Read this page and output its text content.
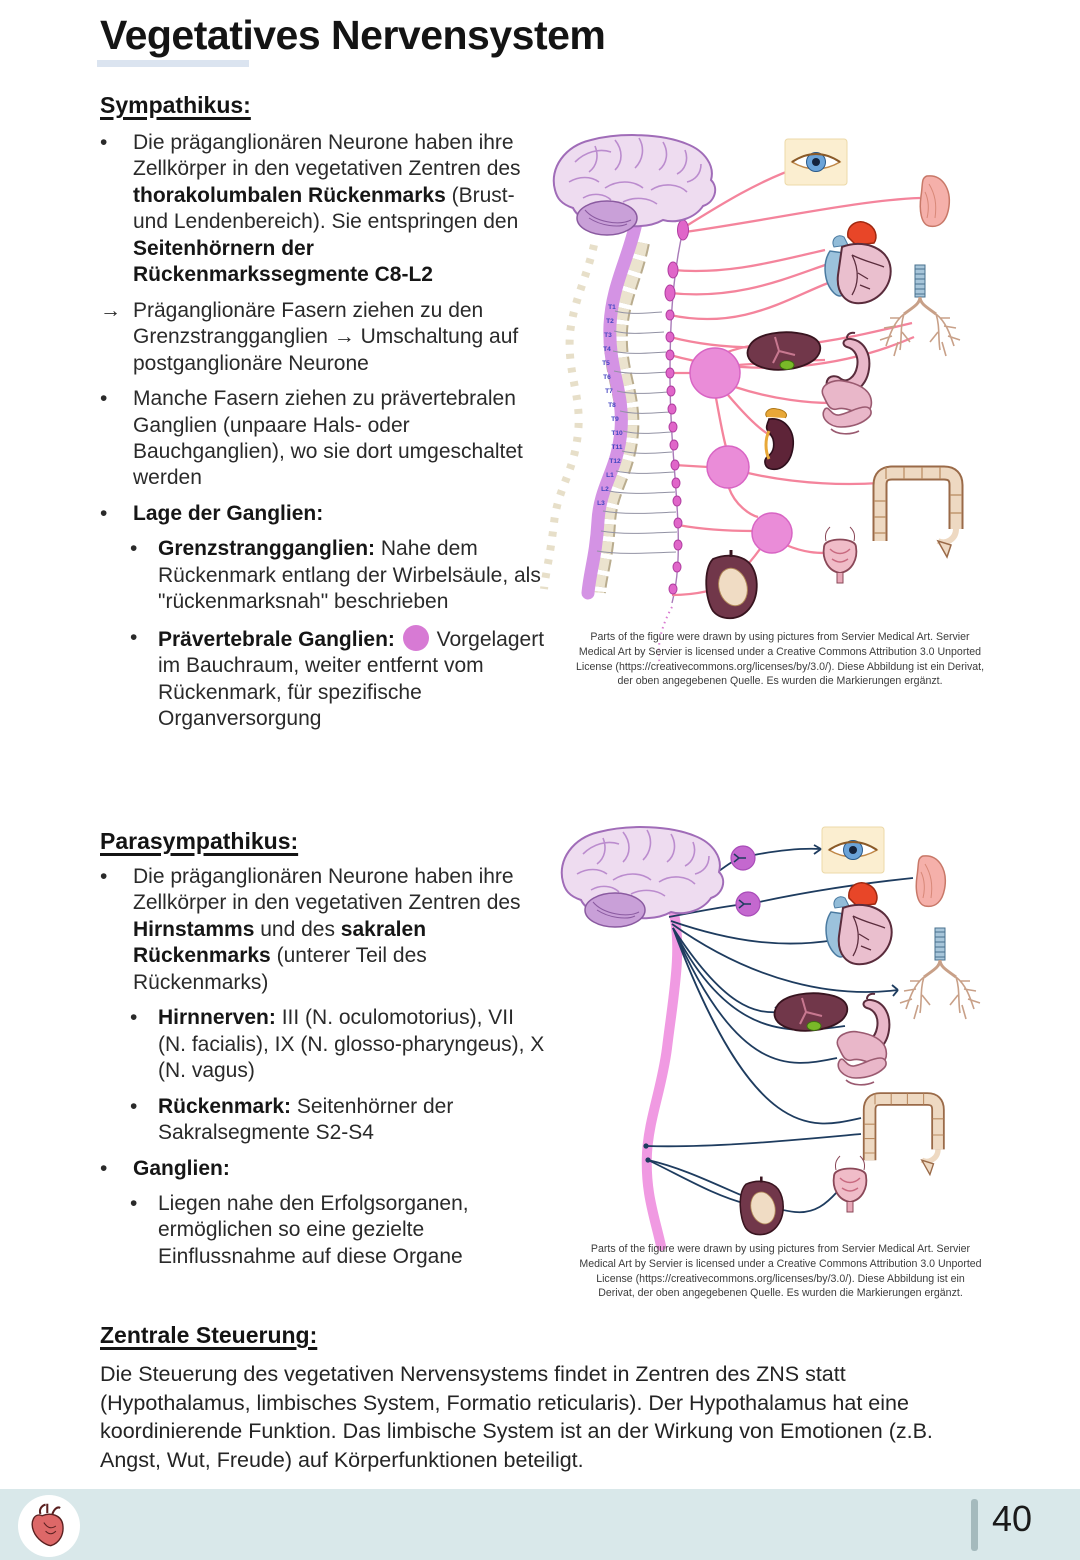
Vegetatives Nervensystem
Sympathikus:
•	Die präganglionären Neurone haben ihre Zellkörper in den vegetativen Zentren des thorakolumbalen Rückenmarks (Brust- und Lendenbereich). Sie entspringen den Seitenhörnern der Rückenmarkssegmente C8-L2
→ Präganglionäre Fasern ziehen zu den Grenzstrangganglien → Umschaltung auf postganglionäre Neurone
•	Manche Fasern ziehen zu prävertebralen Ganglien (unpaare Hals- oder Bauchganglien), wo sie dort umgeschaltet werden
•	Lage der Ganglien:
• Grenzstrangganglien: Nahe dem Rückenmark entlang der Wirbelsäule, als "rückenmarksnah" beschrieben
• Prävertebrale Ganglien:  Vorgelagert im Bauchraum, weiter entfernt vom Rückenmark, für spezifische Organversorgung
T1
T2
T3
T4
T5
T6
T7
T8
T9
T10
T11
T12
L1
L2
L3
Parts of the figure were drawn by using pictures from Servier Medical Art. Servier Medical Art by Servier is licensed under a Creative Commons Attribution 3.0 Unported License (https://creativecommons.org/licenses/by/3.0/). Diese Abbildung ist ein Derivat, der oben angegebenen Quelle. Es wurden die Markierungen ergänzt.
Parasympathikus:
•	Die präganglionären Neurone haben ihre Zellkörper in den vegetativen Zentren des Hirnstamms und des sakralen Rückenmarks (unterer Teil des Rückenmarks)
• Hirnnerven: III (N. oculomotorius), VII (N. facialis), IX (N. glosso-pharyngeus), X (N. vagus)
• Rückenmark: Seitenhörner der Sakralsegmente S2-S4
•	Ganglien:
• Liegen nahe den Erfolgsorganen, ermöglichen so eine gezielte Einflussnahme auf diese Organe	Parts of the figure were drawn by using pictures from Servier Medical Art. Servier Medical Art by Servier is licensed under a Creative Commons Attribution 3.0 Unported License (https://creativecommons.org/licenses/by/3.0/). Diese Abbildung ist ein Derivat, der oben angegebenen Quelle. Es wurden die Markierungen ergänzt.
Zentrale Steuerung:
Die Steuerung des vegetativen Nervensystems findet in Zentren des ZNS statt (Hypothalamus, limbisches System, Formatio reticularis). Der Hypothalamus hat eine koordinierende Funktion. Das limbische System ist an der Wirkung von Emotionen (z.B. Angst, Wut, Freude) auf Körperfunktionen beteiligt.
40
